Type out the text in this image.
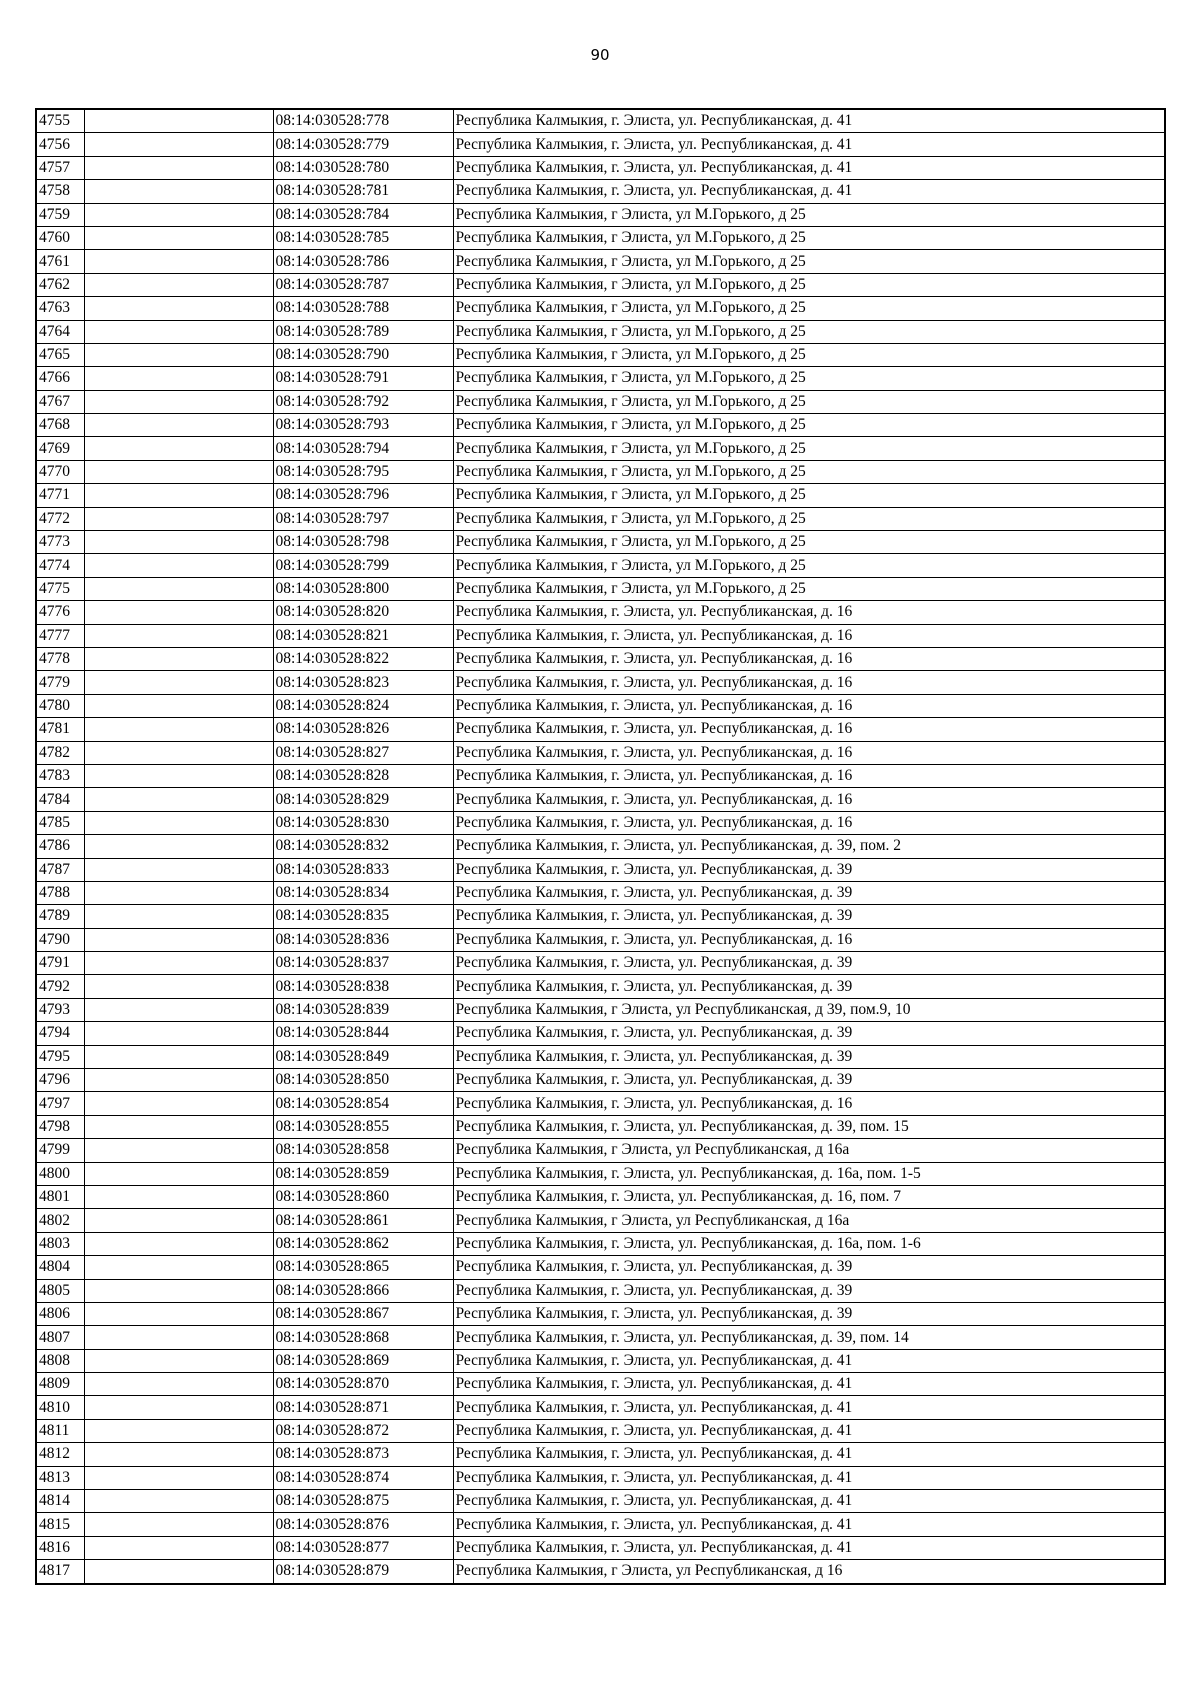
90
4755		08:14:030528:778	Республика Калмыкия, г. Элиста, ул. Республиканская, д. 41
4756		08:14:030528:779	Республика Калмыкия, г. Элиста, ул. Республиканская, д. 41
4757		08:14:030528:780	Республика Калмыкия, г. Элиста, ул. Республиканская, д. 41
4758		08:14:030528:781	Республика Калмыкия, г. Элиста, ул. Республиканская, д. 41
4759		08:14:030528:784	Республика Калмыкия, г Элиста, ул М.Горького, д 25
4760		08:14:030528:785	Республика Калмыкия, г Элиста, ул М.Горького, д 25
4761		08:14:030528:786	Республика Калмыкия, г Элиста, ул М.Горького, д 25
4762		08:14:030528:787	Республика Калмыкия, г Элиста, ул М.Горького, д 25
4763		08:14:030528:788	Республика Калмыкия, г Элиста, ул М.Горького, д 25
4764		08:14:030528:789	Республика Калмыкия, г Элиста, ул М.Горького, д 25
4765		08:14:030528:790	Республика Калмыкия, г Элиста, ул М.Горького, д 25
4766		08:14:030528:791	Республика Калмыкия, г Элиста, ул М.Горького, д 25
4767		08:14:030528:792	Республика Калмыкия, г Элиста, ул М.Горького, д 25
4768		08:14:030528:793	Республика Калмыкия, г Элиста, ул М.Горького, д 25
4769		08:14:030528:794	Республика Калмыкия, г Элиста, ул М.Горького, д 25
4770		08:14:030528:795	Республика Калмыкия, г Элиста, ул М.Горького, д 25
4771		08:14:030528:796	Республика Калмыкия, г Элиста, ул М.Горького, д 25
4772		08:14:030528:797	Республика Калмыкия, г Элиста, ул М.Горького, д 25
4773		08:14:030528:798	Республика Калмыкия, г Элиста, ул М.Горького, д 25
4774		08:14:030528:799	Республика Калмыкия, г Элиста, ул М.Горького, д 25
4775		08:14:030528:800	Республика Калмыкия, г Элиста, ул М.Горького, д 25
4776		08:14:030528:820	Республика Калмыкия, г. Элиста, ул. Республиканская, д. 16
4777		08:14:030528:821	Республика Калмыкия, г. Элиста, ул. Республиканская, д. 16
4778		08:14:030528:822	Республика Калмыкия, г. Элиста, ул. Республиканская, д. 16
4779		08:14:030528:823	Республика Калмыкия, г. Элиста, ул. Республиканская, д. 16
4780		08:14:030528:824	Республика Калмыкия, г. Элиста, ул. Республиканская, д. 16
4781		08:14:030528:826	Республика Калмыкия, г. Элиста, ул. Республиканская, д. 16
4782		08:14:030528:827	Республика Калмыкия, г. Элиста, ул. Республиканская, д. 16
4783		08:14:030528:828	Республика Калмыкия, г. Элиста, ул. Республиканская, д. 16
4784		08:14:030528:829	Республика Калмыкия, г. Элиста, ул. Республиканская, д. 16
4785		08:14:030528:830	Республика Калмыкия, г. Элиста, ул. Республиканская, д. 16
4786		08:14:030528:832	Республика Калмыкия, г. Элиста, ул. Республиканская, д. 39, пом. 2
4787		08:14:030528:833	Республика Калмыкия, г. Элиста, ул. Республиканская, д. 39
4788		08:14:030528:834	Республика Калмыкия, г. Элиста, ул. Республиканская, д. 39
4789		08:14:030528:835	Республика Калмыкия, г. Элиста, ул. Республиканская, д. 39
4790		08:14:030528:836	Республика Калмыкия, г. Элиста, ул. Республиканская, д. 16
4791		08:14:030528:837	Республика Калмыкия, г. Элиста, ул. Республиканская, д. 39
4792		08:14:030528:838	Республика Калмыкия, г. Элиста, ул. Республиканская, д. 39
4793		08:14:030528:839	Республика Калмыкия, г Элиста, ул Республиканская, д 39, пом.9, 10
4794		08:14:030528:844	Республика Калмыкия, г. Элиста, ул. Республиканская, д. 39
4795		08:14:030528:849	Республика Калмыкия, г. Элиста, ул. Республиканская, д. 39
4796		08:14:030528:850	Республика Калмыкия, г. Элиста, ул. Республиканская, д. 39
4797		08:14:030528:854	Республика Калмыкия, г. Элиста, ул. Республиканская, д. 16
4798		08:14:030528:855	Республика Калмыкия, г. Элиста, ул. Республиканская, д. 39, пом. 15
4799		08:14:030528:858	Республика Калмыкия, г Элиста, ул Республиканская, д 16а
4800		08:14:030528:859	Республика Калмыкия, г. Элиста, ул. Республиканская, д. 16а, пом. 1-5
4801		08:14:030528:860	Республика Калмыкия, г. Элиста, ул. Республиканская, д. 16, пом. 7
4802		08:14:030528:861	Республика Калмыкия, г Элиста, ул Республиканская, д 16а
4803		08:14:030528:862	Республика Калмыкия, г. Элиста, ул. Республиканская, д. 16а, пом. 1-6
4804		08:14:030528:865	Республика Калмыкия, г. Элиста, ул. Республиканская, д. 39
4805		08:14:030528:866	Республика Калмыкия, г. Элиста, ул. Республиканская, д. 39
4806		08:14:030528:867	Республика Калмыкия, г. Элиста, ул. Республиканская, д. 39
4807		08:14:030528:868	Республика Калмыкия, г. Элиста, ул. Республиканская, д. 39, пом. 14
4808		08:14:030528:869	Республика Калмыкия, г. Элиста, ул. Республиканская, д. 41
4809		08:14:030528:870	Республика Калмыкия, г. Элиста, ул. Республиканская, д. 41
4810		08:14:030528:871	Республика Калмыкия, г. Элиста, ул. Республиканская, д. 41
4811		08:14:030528:872	Республика Калмыкия, г. Элиста, ул. Республиканская, д. 41
4812		08:14:030528:873	Республика Калмыкия, г. Элиста, ул. Республиканская, д. 41
4813		08:14:030528:874	Республика Калмыкия, г. Элиста, ул. Республиканская, д. 41
4814		08:14:030528:875	Республика Калмыкия, г. Элиста, ул. Республиканская, д. 41
4815		08:14:030528:876	Республика Калмыкия, г. Элиста, ул. Республиканская, д. 41
4816		08:14:030528:877	Республика Калмыкия, г. Элиста, ул. Республиканская, д. 41
4817		08:14:030528:879	Республика Калмыкия, г Элиста, ул Республиканская, д 16
